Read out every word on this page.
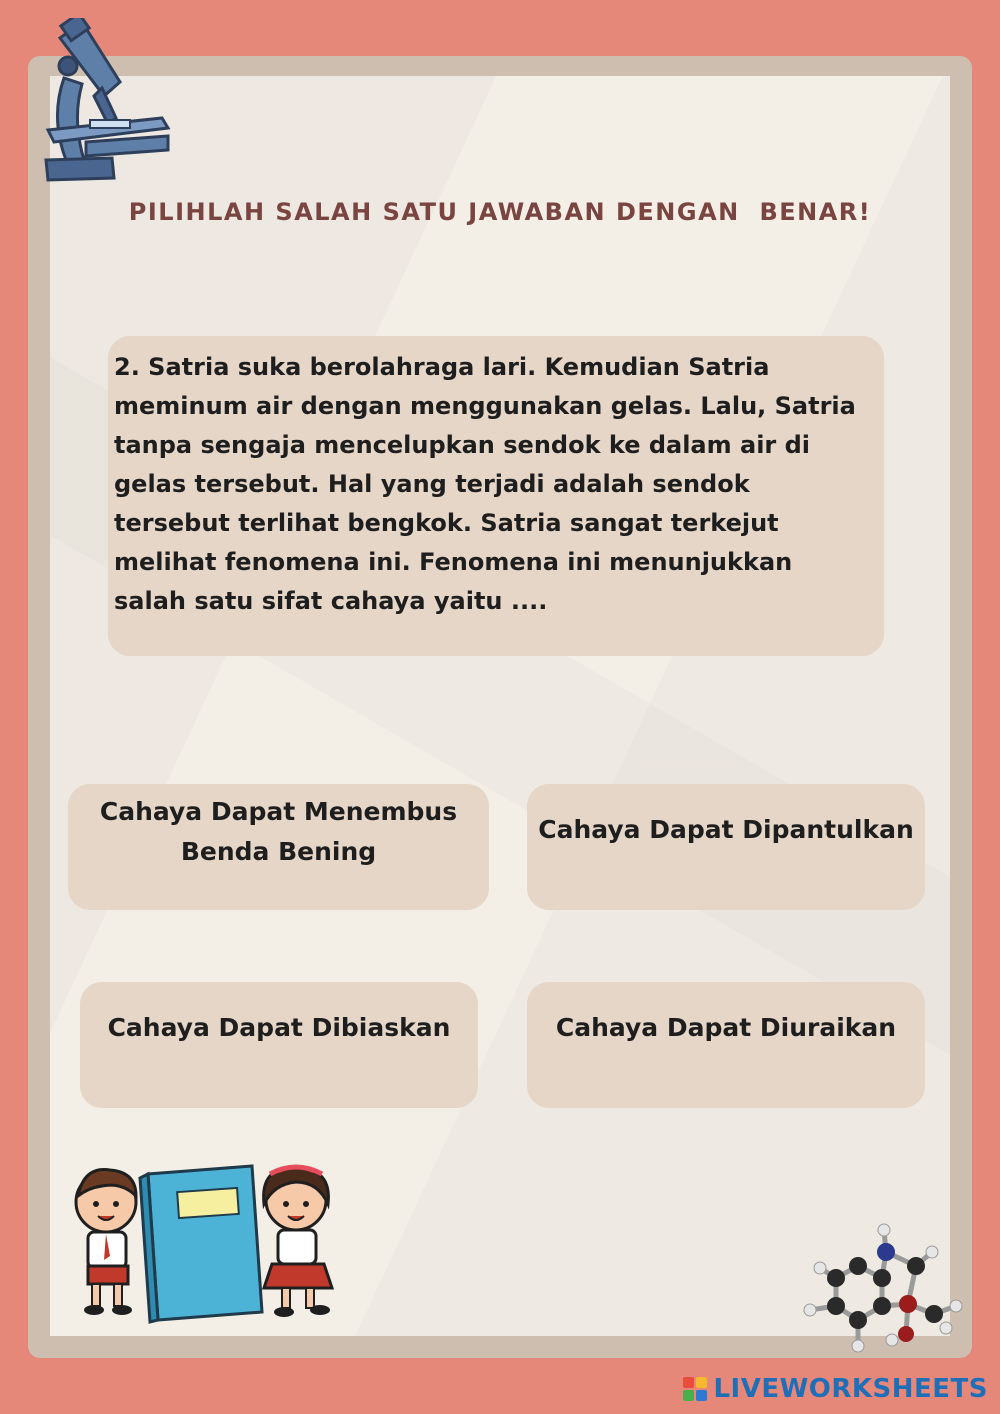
PILIHLAH SALAH SATU JAWABAN DENGAN  BENAR!

2. Satria suka berolahraga lari. Kemudian Satria meminum air dengan menggunakan gelas. Lalu, Satria tanpa sengaja mencelupkan sendok ke dalam air di gelas tersebut. Hal yang terjadi adalah sendok tersebut terlihat bengkok. Satria sangat terkejut melihat fenomena ini. Fenomena ini menunjukkan salah satu sifat cahaya yaitu ....

Cahaya Dapat Menembus Benda Bening
Cahaya Dapat Dipantulkan
Cahaya Dapat Dibiaskan	Cahaya Dapat Diuraikan
LIVEWORKSHEETS
